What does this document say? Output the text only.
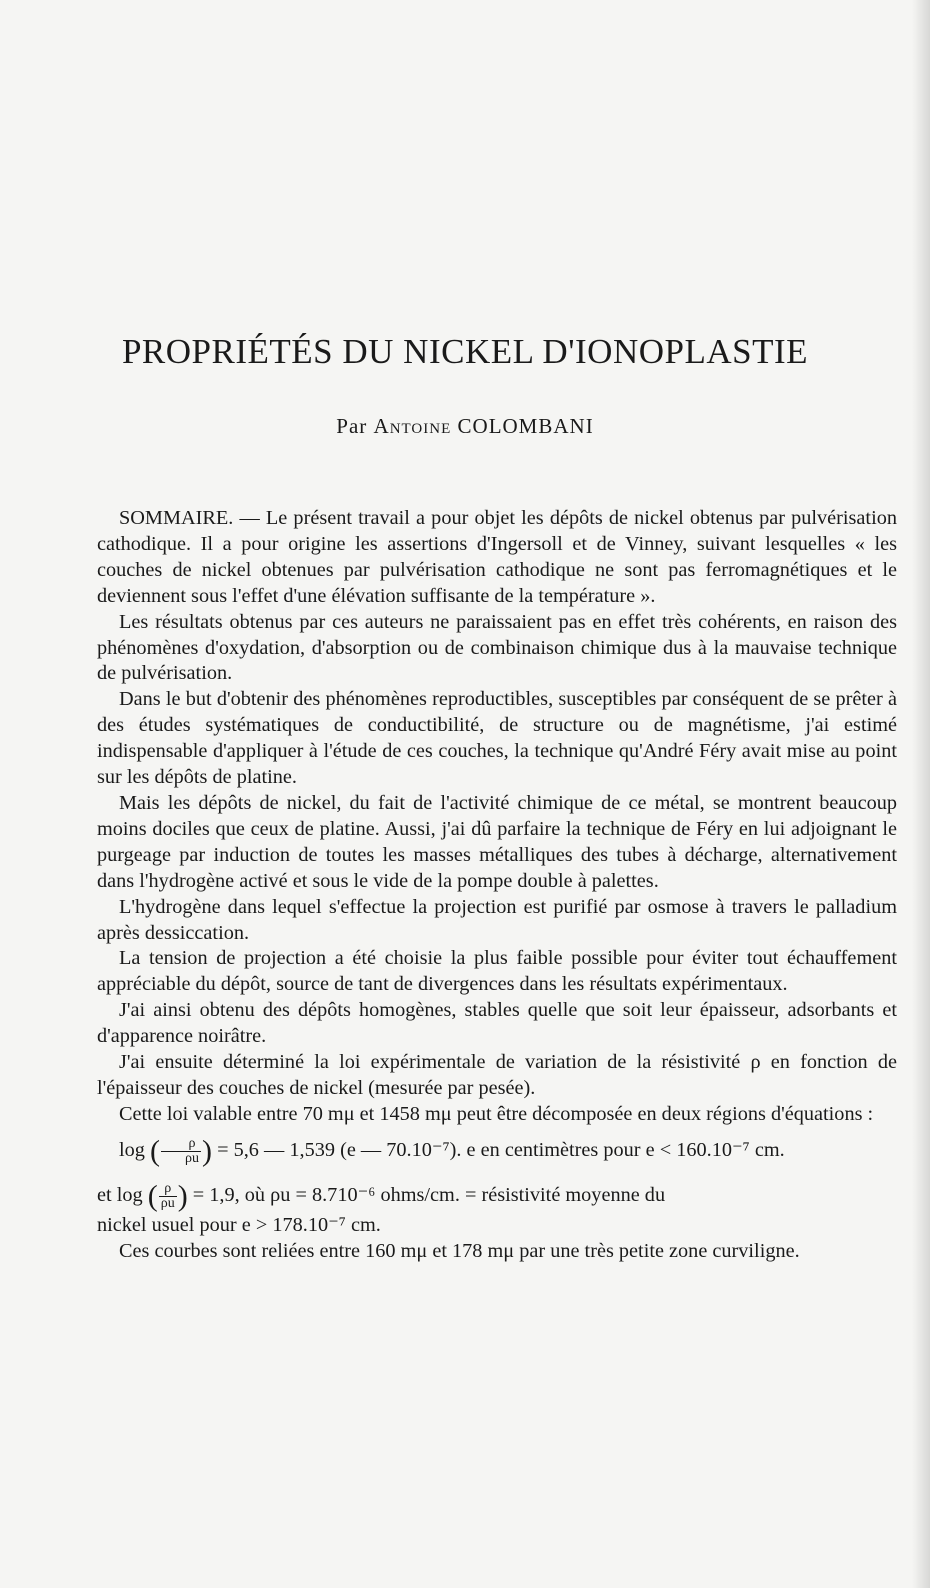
PROPRIÉTÉS DU NICKEL D'IONOPLASTIE
Par Antoine COLOMBANI

SOMMAIRE. — Le présent travail a pour objet les dépôts de nickel obtenus par pulvérisation cathodique. Il a pour origine les assertions d'Ingersoll et de Vinney, suivant lesquelles « les couches de nickel obtenues par pulvérisation cathodique ne sont pas ferromagnétiques et le deviennent sous l'effet d'une élévation suffisante de la température ».

Les résultats obtenus par ces auteurs ne paraissaient pas en effet très cohérents, en raison des phénomènes d'oxydation, d'absorption ou de combinaison chimique dus à la mauvaise technique de pulvérisation.

Dans le but d'obtenir des phénomènes reproductibles, susceptibles par conséquent de se prêter à des études systématiques de conductibilité, de structure ou de magnétisme, j'ai estimé indispensable d'appliquer à l'étude de ces couches, la technique qu'André Féry avait mise au point sur les dépôts de platine.

Mais les dépôts de nickel, du fait de l'activité chimique de ce métal, se montrent beaucoup moins dociles que ceux de platine. Aussi, j'ai dû parfaire la technique de Féry en lui adjoignant le purgeage par induction de toutes les masses métalliques des tubes à décharge, alternativement dans l'hydrogène activé et sous le vide de la pompe double à palettes.

L'hydrogène dans lequel s'effectue la projection est purifié par osmose à travers le palladium après dessiccation.

La tension de projection a été choisie la plus faible possible pour éviter tout échauffement appréciable du dépôt, source de tant de divergences dans les résultats expérimentaux.

J'ai ainsi obtenu des dépôts homogènes, stables quelle que soit leur épaisseur, adsorbants et d'apparence noirâtre.

J'ai ensuite déterminé la loi expérimentale de variation de la résistivité ρ en fonction de l'épaisseur des couches de nickel (mesurée par pesée).

Cette loi valable entre 70 mμ et 1458 mμ peut être décomposée en deux régions d'équations :

log ( $\frac{\rho}{\rho u}$ ) = 5,6 — 1,539 (e — 70.10⁻⁷). e en centimètres pour e < 160.10⁻⁷ cm.
et log ( $\frac{\rho}{\rho u}$ ) = 1,9, où ρu = 8.710⁻⁶ ohms/cm. = résistivité moyenne du

nickel usuel pour e > 178.10⁻⁷ cm.

Ces courbes sont reliées entre 160 mμ et 178 mμ par une très petite zone curviligne.
